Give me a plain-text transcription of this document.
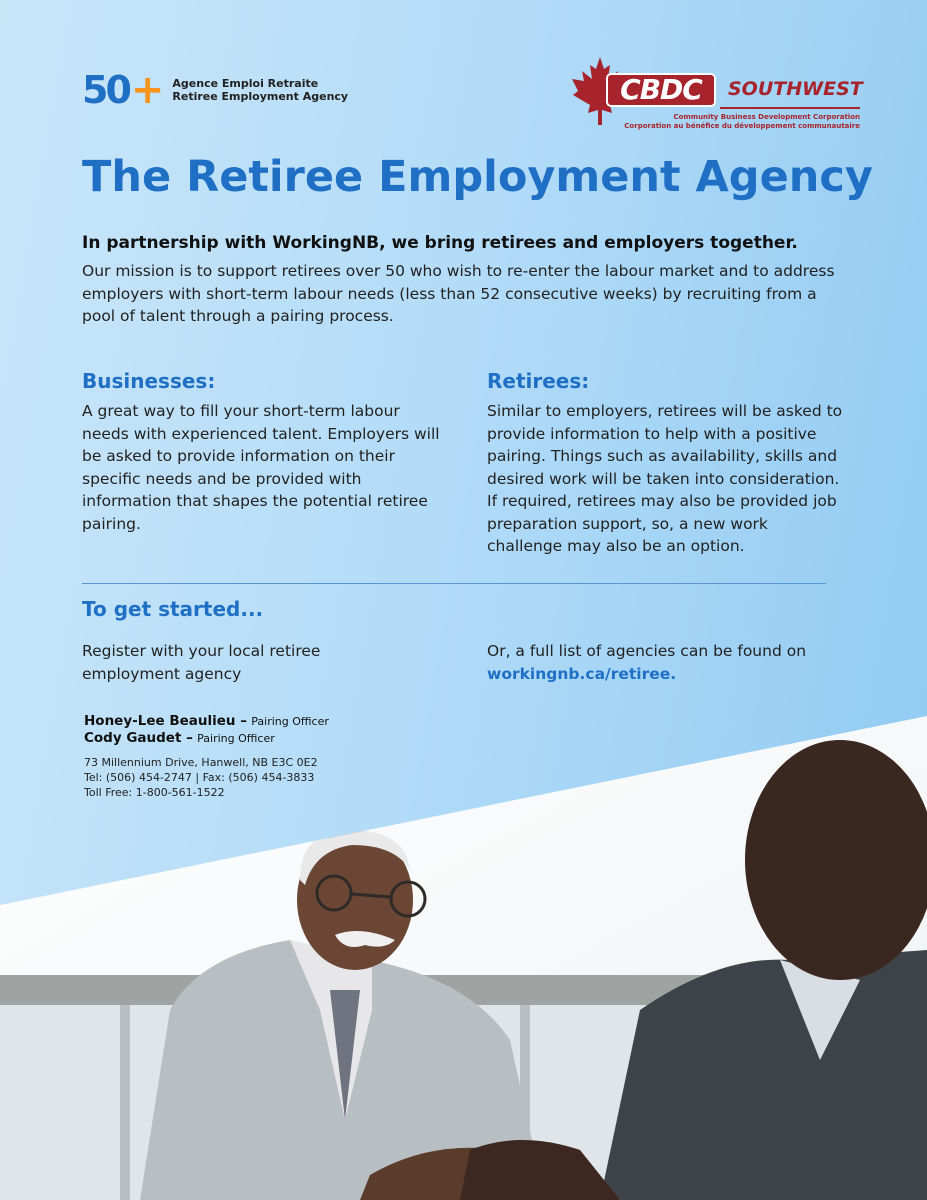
50 + Agence Emploi Retraite
Retiree Employment Agency	CBDC	SOUTHWEST
Community Business Development Corporation
Corporation au bénéfice du développement communautaire
The Retiree Employment Agency
In partnership with WorkingNB, we bring retirees and employers together.
Our mission is to support retirees over 50 who wish to re-enter the labour market and to address employers with short-term labour needs (less than 52 consecutive weeks) by recruiting from a pool of talent through a pairing process.
Businesses:
A great way to fill your short-term labour needs with experienced talent. Employers will be asked to provide information on their specific needs and be provided with information that shapes the potential retiree pairing.
Retirees:
Similar to employers, retirees will be asked to provide information to help with a positive pairing. Things such as availability, skills and desired work will be taken into consideration. If required, retirees may also be provided job preparation support, so, a new work challenge may also be an option.
To get started...
Register with your local retiree employment agency
Or, a full list of agencies can be found on
workingnb.ca/retiree.
Honey-Lee Beaulieu – Pairing Officer
Cody Gaudet – Pairing Officer
73 Millennium Drive, Hanwell, NB E3C 0E2
Tel: (506) 454-2747 | Fax: (506) 454-3833
Toll Free: 1-800-561-1522
